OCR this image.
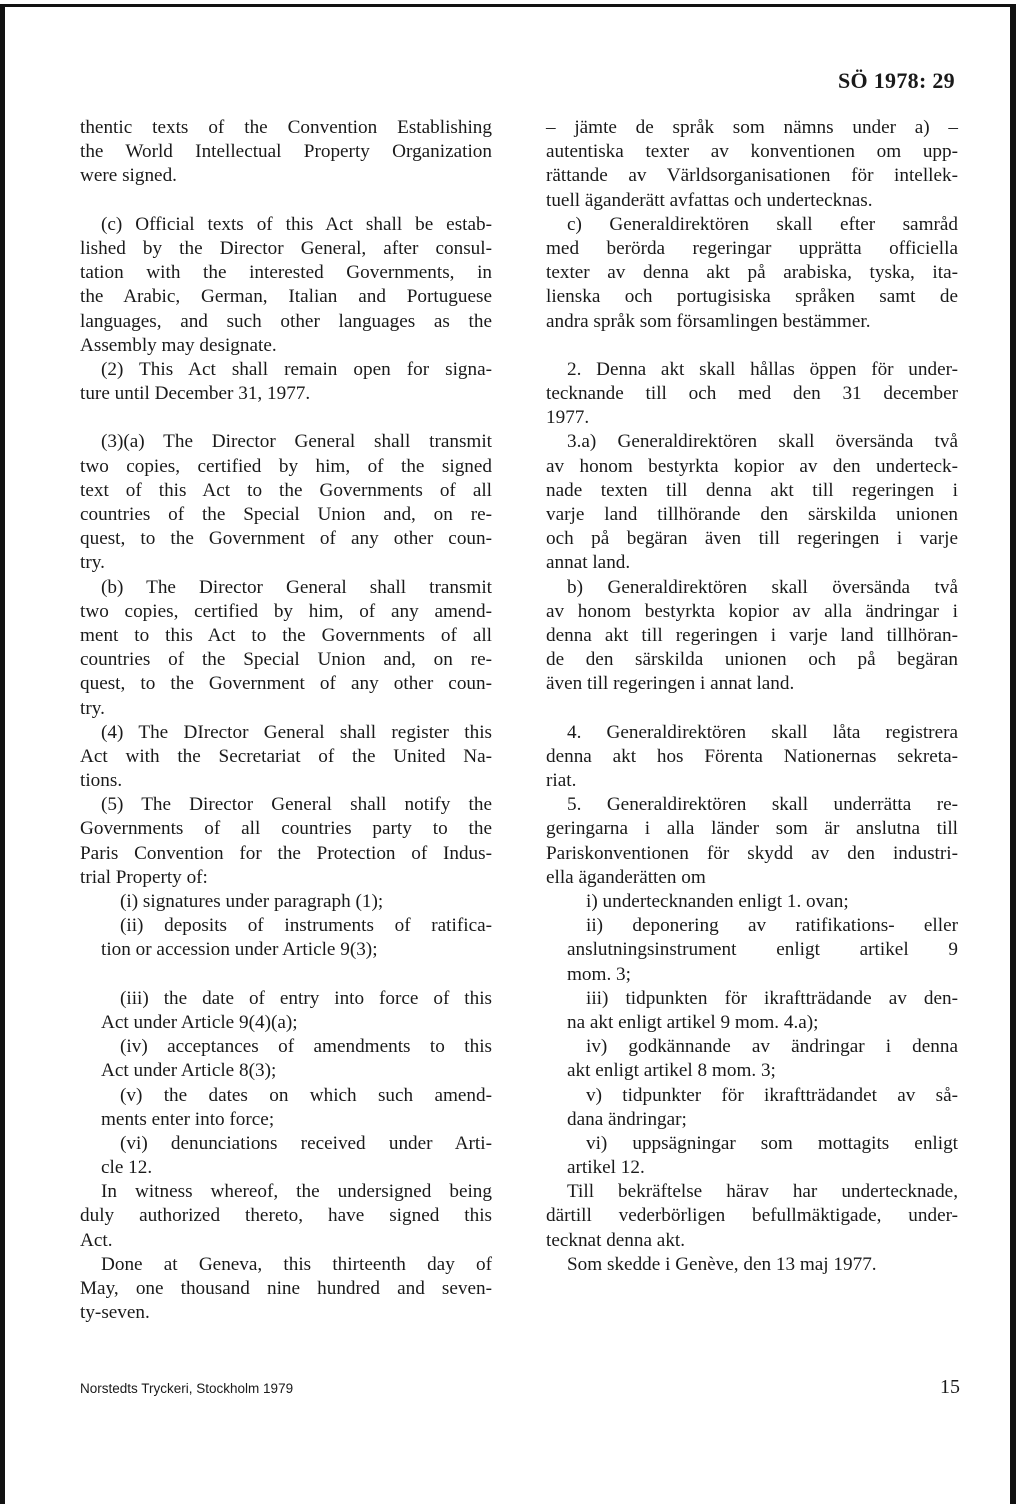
SÖ 1978: 29
thentic texts of the Convention Establishing
the World Intellectual Property Organization
were signed.
(c) Official texts of this Act shall be estab-
lished by the Director General, after consul-
tation with the interested Governments, in
the Arabic, German, Italian and Portuguese
languages, and such other languages as the
Assembly may designate.
(2) This Act shall remain open for signa-
ture until December 31, 1977.
(3)(a) The Director General shall transmit
two copies, certified by him, of the signed
text of this Act to the Governments of all
countries of the Special Union and, on re-
quest, to the Government of any other coun-
try.
(b) The Director General shall transmit
two copies, certified by him, of any amend-
ment to this Act to the Governments of all
countries of the Special Union and, on re-
quest, to the Government of any other coun-
try.
(4) The DIrector General shall register this
Act with the Secretariat of the United Na-
tions.
(5) The Director General shall notify the
Governments of all countries party to the
Paris Convention for the Protection of Indus-
trial Property of:
(i) signatures under paragraph (1);
(ii) deposits of instruments of ratifica-
tion or accession under Article 9(3);
(iii) the date of entry into force of this
Act under Article 9(4)(a);
(iv) acceptances of amendments to this
Act under Article 8(3);
(v) the dates on which such amend-
ments enter into force;
(vi) denunciations received under Arti-
cle 12.
In witness whereof, the undersigned being
duly authorized thereto, have signed this
Act.
Done at Geneva, this thirteenth day of
May, one thousand nine hundred and seven-
ty-seven.
– jämte de språk som nämns under a) –
autentiska texter av konventionen om upp-
rättande av Världsorganisationen för intellek-
tuell äganderätt avfattas och undertecknas.
c) Generaldirektören skall efter samråd
med berörda regeringar upprätta officiella
texter av denna akt på arabiska, tyska, ita-
lienska och portugisiska språken samt de
andra språk som församlingen bestämmer.
2. Denna akt skall hållas öppen för under-
tecknande till och med den 31 december
1977.
3.a) Generaldirektören skall översända två
av honom bestyrkta kopior av den underteck-
nade texten till denna akt till regeringen i
varje land tillhörande den särskilda unionen
och på begäran även till regeringen i varje
annat land.
b) Generaldirektören skall översända två
av honom bestyrkta kopior av alla ändringar i
denna akt till regeringen i varje land tillhöran-
de den särskilda unionen och på begäran
även till regeringen i annat land.
4. Generaldirektören skall låta registrera
denna akt hos Förenta Nationernas sekreta-
riat.
5. Generaldirektören skall underrätta re-
geringarna i alla länder som är anslutna till
Pariskonventionen för skydd av den industri-
ella äganderätten om
i) undertecknanden enligt 1. ovan;
ii) deponering av ratifikations- eller
anslutningsinstrument enligt artikel 9
mom. 3;
iii) tidpunkten för ikraftträdande av den-
na akt enligt artikel 9 mom. 4.a);
iv) godkännande av ändringar i denna
akt enligt artikel 8 mom. 3;
v) tidpunkter för ikraftträdandet av så-
dana ändringar;
vi) uppsägningar som mottagits enligt
artikel 12.
Till bekräftelse härav har undertecknade,
därtill vederbörligen befullmäktigade, under-
tecknat denna akt.
Som skedde i Genève, den 13 maj 1977.
Norstedts Tryckeri, Stockholm 1979	15
